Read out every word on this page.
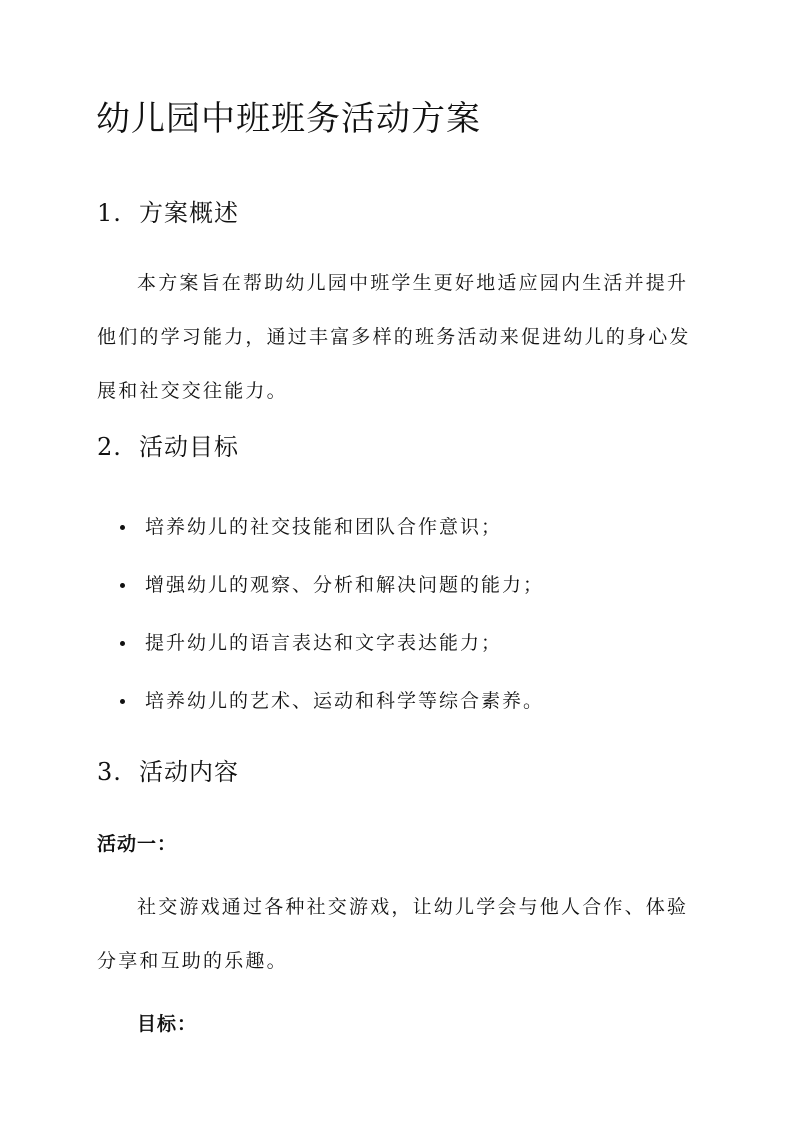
幼儿园中班班务活动方案
1. 方案概述

本方案旨在帮助幼儿园中班学生更好地适应园内生活并提升他们的学习能力，通过丰富多样的班务活动来促进幼儿的身心发展和社交交往能力。

2. 活动目标
培养幼儿的社交技能和团队合作意识；
增强幼儿的观察、分析和解决问题的能力；
提升幼儿的语言表达和文字表达能力；
培养幼儿的艺术、运动和科学等综合素养。
3. 活动内容

活动一：

社交游戏通过各种社交游戏，让幼儿学会与他人合作、体验分享和互助的乐趣。

目标：
